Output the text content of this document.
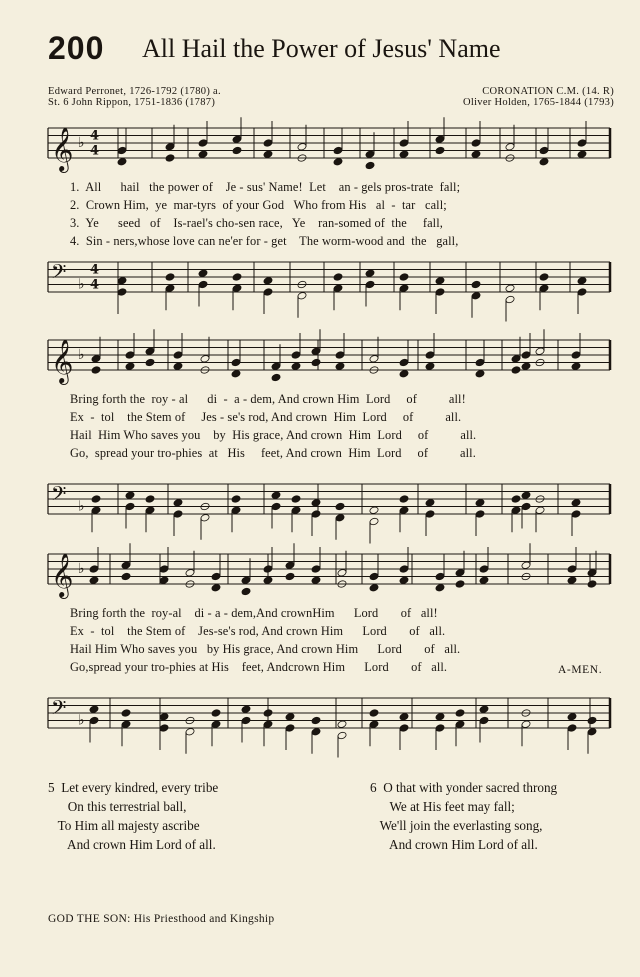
200 All Hail the Power of Jesus' Name
Edward Perronet, 1726-1792 (1780) a.
St. 6 John Rippon, 1751-1836 (1787)
CORONATION C.M. (14. R)
Oliver Holden, 1765-1844 (1793)
𝄞 ♭ 4
4
1.  All      hail   the power of    Je - sus' Name!  Let    an - gels pros-trate  fall;
2.  Crown Him,  ye  mar-tyrs  of your God   Who from His   al  -  tar   call;
3.  Ye      seed   of    Is-rael's cho-sen race,   Ye    ran-somed of  the     fall,
4.  Sin - ners,whose love can ne'er for - get    The worm-wood and  the   gall,
𝄢 ♭
4
4
𝄞 ♭
Bring forth the  roy - al      di  -  a - dem, And crown Him  Lord     of          all!
Ex  -  tol    the Stem of     Jes - se's rod, And crown  Him  Lord     of          all.
Hail  Him Who saves you    by  His grace, And crown  Him  Lord     of          all.
Go,  spread your tro-phies  at   His     feet, And crown  Him  Lord     of          all.
𝄢 ♭
𝄞 ♭
Bring forth the  roy-al    di - a - dem,And crownHim      Lord       of   all!
Ex  -  tol    the Stem of    Jes-se's rod, And crown Him      Lord       of   all.
Hail Him Who saves you   by His grace, And crown Him      Lord       of   all.
Go,spread your tro-phies at His    feet, Andcrown Him      Lord       of   all.	A-MEN.
𝄢 ♭
5  Let every kindred, every tribe
On this terrestrial ball,
To Him all majesty ascribe
And crown Him Lord of all.
6  O that with yonder sacred throng
We at His feet may fall;
We'll join the everlasting song,
And crown Him Lord of all.
GOD THE SON: His Priesthood and Kingship
